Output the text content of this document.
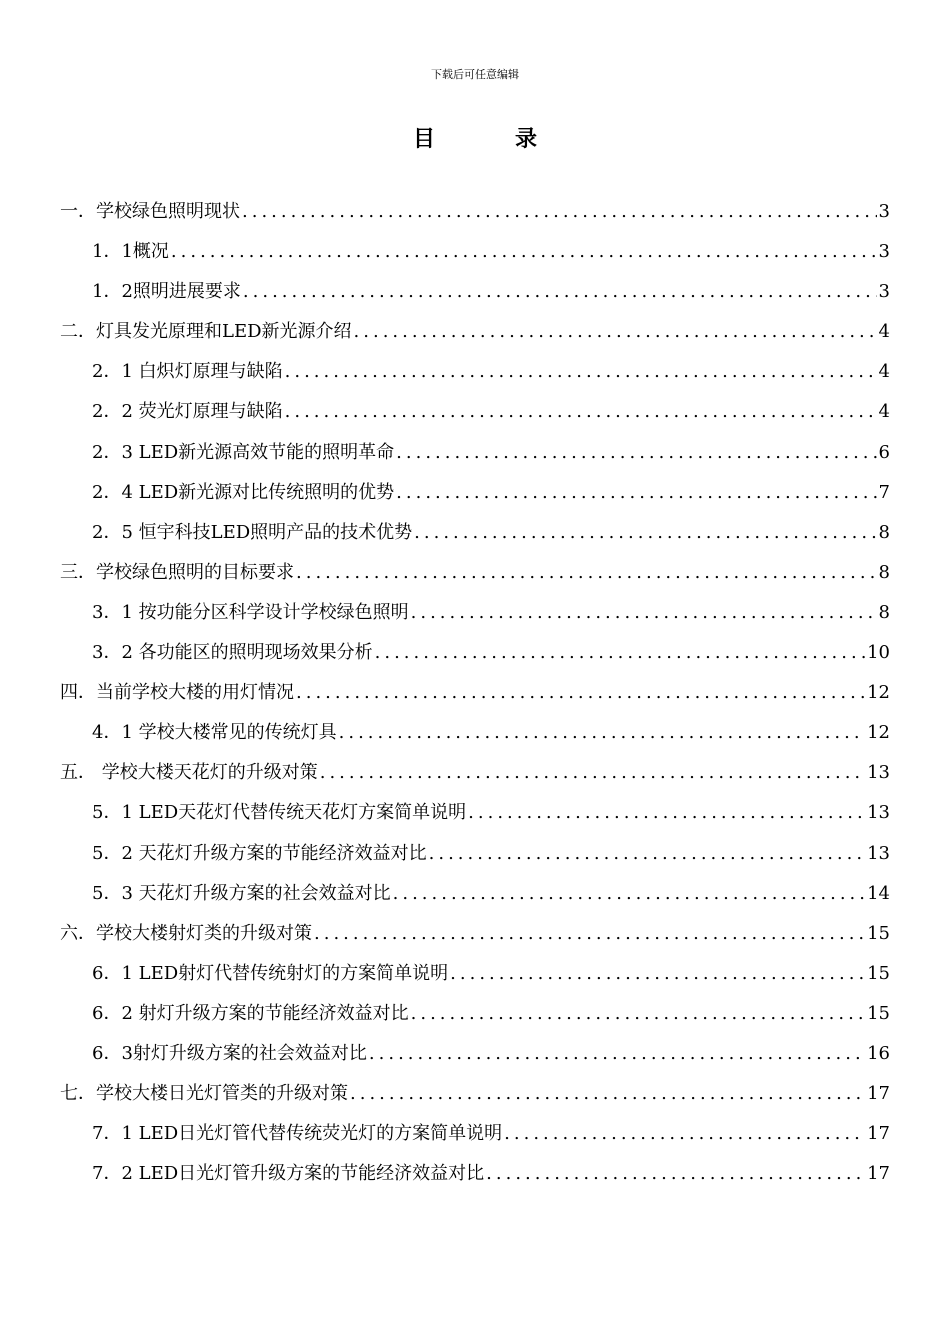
下载后可任意编辑
目录
一．学校绿色照明现状 .....	3
1．1概况 .....	3
1．2照明进展要求 .....	3
二．灯具发光原理和LED新光源介绍 .....	4
2．1 白炽灯原理与缺陷 .....	4
2．2 荧光灯原理与缺陷 .....	4
2．3 LED新光源高效节能的照明革命 .....	6
2．4 LED新光源对比传统照明的优势 .....	7
2．5 恒宇科技LED照明产品的技术优势 .....	8
三．学校绿色照明的目标要求 .....	8
3．1 按功能分区科学设计学校绿色照明 .....	8
3．2 各功能区的照明现场效果分析 .....	10
四．当前学校大楼的用灯情况 .....	12
4．1 学校大楼常见的传统灯具 .....	12
五． 学校大楼天花灯的升级对策 .....	13
5．1 LED天花灯代替传统天花灯方案简单说明 .....	13
5．2 天花灯升级方案的节能经济效益对比 .....	13
5．3 天花灯升级方案的社会效益对比 .....	14
六．学校大楼射灯类的升级对策 .....	15
6．1 LED射灯代替传统射灯的方案简单说明 .....	15
6．2 射灯升级方案的节能经济效益对比 .....	15
6．3射灯升级方案的社会效益对比 .....	16
七．学校大楼日光灯管类的升级对策 .....	17
7．1 LED日光灯管代替传统荧光灯的方案简单说明 .....	17
7．2 LED日光灯管升级方案的节能经济效益对比 .....	17
